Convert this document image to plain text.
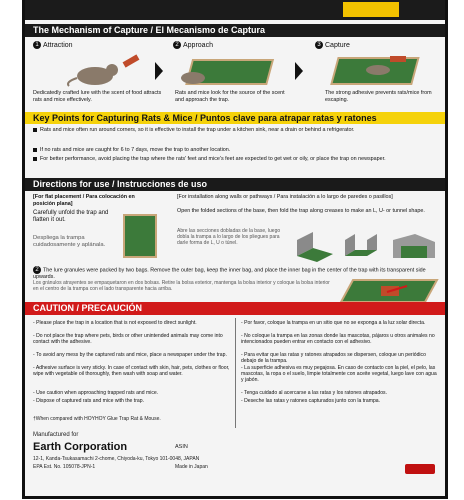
The Mechanism of Capture / El Mecanismo de Captura
1 Attraction	2 Approach	3 Capture
Dedicatedly crafted lure with the scent of food attracts rats and mice effectively.
Rats and mice look for the source of the scent and approach the trap.
The strong adhesive prevents rats/mice from escaping.
Key Points for Capturing Rats & Mice / Puntos clave para atrapar ratas y ratones
Rats and mice often run around corners, so it is effective to install the trap under a kitchen sink, near a drain or behind a refrigerator.
If no rats and mice are caught for 6 to 7 days, move the trap to another location.
For better performance, avoid placing the trap where the rats' feet and mice's feet are expected to get wet or oily, or place the trap on newspaper.
Directions for use / Instrucciones de uso
[For flat placement / Para colocación en posición plana]
Carefully unfold the trap and flatten it out.
Despliega la trampa cuidadosamente y aplánala.
[For installation along walls or pathways / Para instalación a lo largo de paredes o pasillos]
Open the folded sections of the base, then fold the trap along creases to make an L, U- or tunnel shape.
Abre las secciones dobladas de la base, luego dobla la trampa a lo largo de los pliegues para darle forma de L, U o túnel.
2 The lure granules were packed by two bags. Remove the outer bag, keep the inner bag, and place the inner bag in the center of the trap with its transparent side upwards.
Los gránulos atrayentes se empaquetaron en dos bolsas. Retire la bolsa exterior, mantenga la bolsa interior y coloque la bolsa interior en el centro de la trampa con el lado transparente hacia arriba.
CAUTION / PRECAUCIÓN
- Please place the trap in a location that is not exposed to direct sunlight.
- Do not place the trap where pets, birds or other unintended animals may come into contact with the adhesive.
- To avoid any mess by the captured rats and mice, place a newspaper under the trap.
- Adhesive surface is very sticky. In case of contact with skin, hair, pets, clothes or floor, wipe with vegetable oil thoroughly, then wash with soap and water.
- Use caution when approaching trapped rats and mice.
- Dispose of captured rats and mice with the trap.
- Por favor, coloque la trampa en un sitio que no se exponga a la luz solar directa.
- No coloque la trampa en las zonas donde las mascotas, pájaros u otros animales no intencionados pueden entrar en contacto con el adhesivo.
- Para evitar que las ratas y ratones atrapados se dispersen, coloque un periódico debajo de la trampa.
- La superficie adhesiva es muy pegajosa. En caso de contacto con la piel, el pelo, las mascotas, la ropa o el suelo, limpie totalmente con aceite vegetal, luego lave con agua y jabón.
- Tenga cuidado al acercarse a las ratas y los ratones atrapados.
- Deseche las ratas y ratones capturados junto con la trampa.
†When compared with HOYHOY Glue Trap Rat & Mouse.
Manufactured for
Earth Corporation	ASIN
12-1, Kanda-Tsukasamachi 2-chome, Chiyoda-ku, Tokyo 101-0048, JAPAN
EPA Est. No. 105078-JPN-1	Made in Japan
